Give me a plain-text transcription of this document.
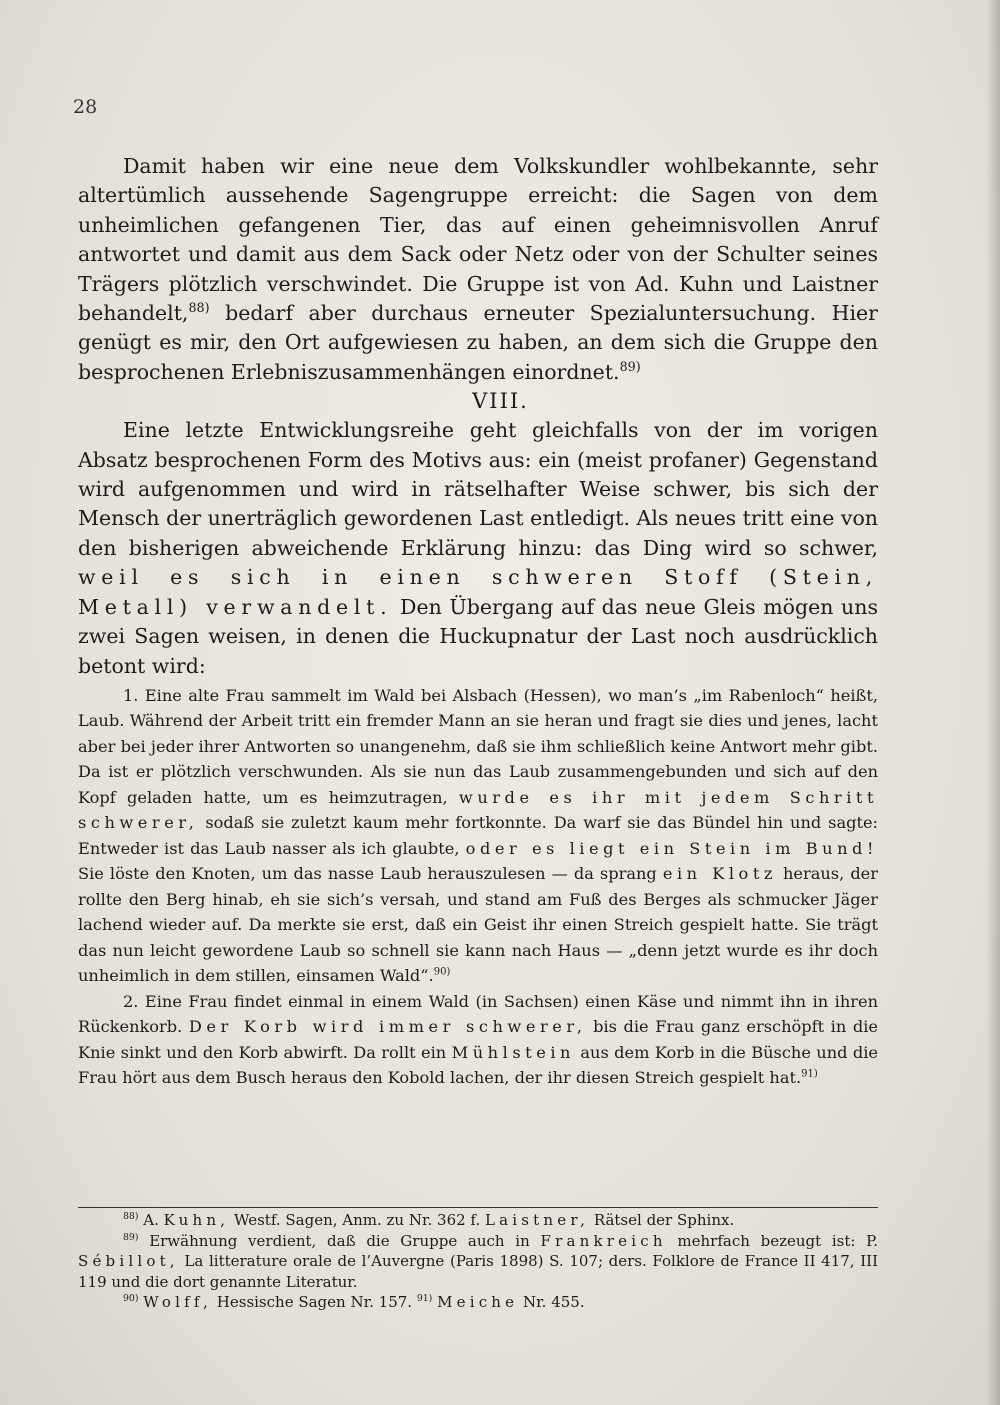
28

Damit haben wir eine neue dem Volkskundler wohlbekannte, sehr altertümlich aussehende Sagengruppe erreicht: die Sagen von dem unheimlichen gefangenen Tier, das auf einen geheimnisvollen Anruf antwortet und damit aus dem Sack oder Netz oder von der Schulter seines Trägers plötzlich verschwindet. Die Gruppe ist von Ad. Kuhn und Laistner behandelt,$^{88)}$ bedarf aber durchaus erneuter Spezialuntersuchung. Hier genügt es mir, den Ort aufgewiesen zu haben, an dem sich die Gruppe den besprochenen Erlebniszusammenhängen einordnet.$^{89)}$

VIII.

Eine letzte Entwicklungsreihe geht gleichfalls von der im vorigen Absatz besprochenen Form des Motivs aus: ein (meist profaner) Gegenstand wird aufgenommen und wird in rätselhafter Weise schwer, bis sich der Mensch der unerträglich gewordenen Last entledigt. Als neues tritt eine von den bisherigen abweichende Erklärung hinzu: das Ding wird so schwer, weil es sich in einen schweren Stoff (Stein, Metall) verwandelt. Den Übergang auf das neue Gleis mögen uns zwei Sagen weisen, in denen die Huckupnatur der Last noch ausdrücklich betont wird:

1. Eine alte Frau sammelt im Wald bei Alsbach (Hessen), wo man’s „im Rabenloch“ heißt, Laub. Während der Arbeit tritt ein fremder Mann an sie heran und fragt sie dies und jenes, lacht aber bei jeder ihrer Antworten so unangenehm, daß sie ihm schließlich keine Antwort mehr gibt. Da ist er plötzlich verschwunden. Als sie nun das Laub zusammengebunden und sich auf den Kopf geladen hatte, um es heimzutragen, wurde es ihr mit jedem Schritt schwerer, sodaß sie zuletzt kaum mehr fortkonnte. Da warf sie das Bündel hin und sagte: Entweder ist das Laub nasser als ich glaubte, oder es liegt ein Stein im Bund! Sie löste den Knoten, um das nasse Laub herauszulesen — da sprang ein Klotz heraus, der rollte den Berg hinab, eh sie sich’s versah, und stand am Fuß des Berges als schmucker Jäger lachend wieder auf. Da merkte sie erst, daß ein Geist ihr einen Streich gespielt hatte. Sie trägt das nun leicht gewordene Laub so schnell sie kann nach Haus — „denn jetzt wurde es ihr doch unheimlich in dem stillen, einsamen Wald“.$^{90)}$

2. Eine Frau findet einmal in einem Wald (in Sachsen) einen Käse und nimmt ihn in ihren Rückenkorb. Der Korb wird immer schwerer, bis die Frau ganz erschöpft in die Knie sinkt und den Korb abwirft. Da rollt ein Mühlstein aus dem Korb in die Büsche und die Frau hört aus dem Busch heraus den Kobold lachen, der ihr diesen Streich gespielt hat.$^{91)}$

$^{88)}$ A. Kuhn, Westf. Sagen, Anm. zu Nr. 362 f. Laistner, Rätsel der Sphinx.

$^{89)}$ Erwähnung verdient, daß die Gruppe auch in Frankreich mehrfach bezeugt ist: P. Sébillot, La litterature orale de l’Auvergne (Paris 1898) S. 107; ders. Folklore de France II 417, III 119 und die dort genannte Literatur.

$^{90)}$ Wolff, Hessische Sagen Nr. 157. $^{91)}$ Meiche Nr. 455.
